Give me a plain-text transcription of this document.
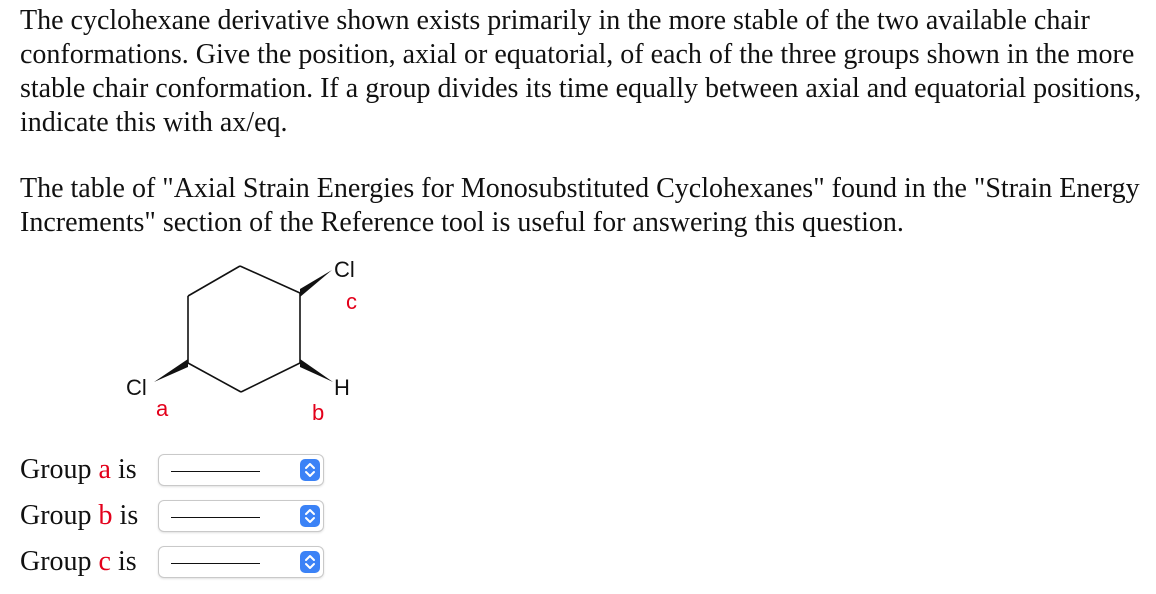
The cyclohexane derivative shown exists primarily in the more stable of the two available chair conformations. Give the position, axial or equatorial, of each of the three groups shown in the more stable chair conformation. If a group divides its time equally between axial and equatorial positions, indicate this with ax/eq.

The table of "Axial Strain Energies for Monosubstituted Cyclohexanes" found in the "Strain Energy Increments" section of the Reference tool is useful for answering this question.

Cl
c
Cl
a
H
b
Group a is
Group b is
Group c is
